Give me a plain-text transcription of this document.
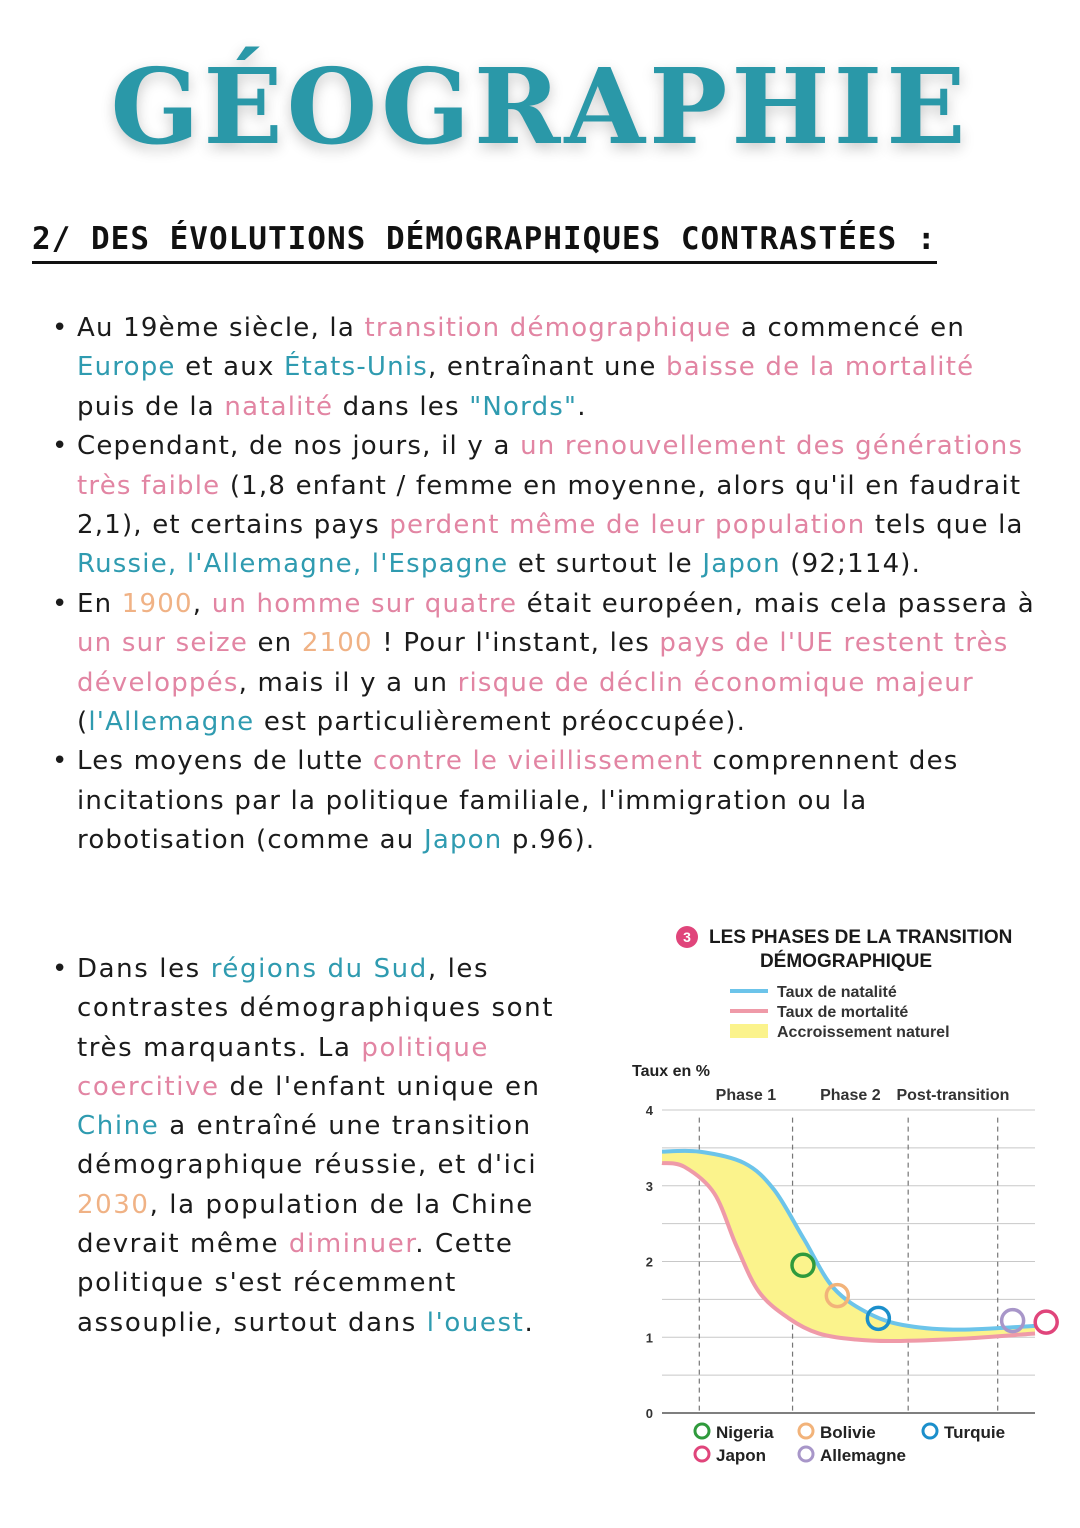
GÉOGRAPHIE
2/ DES ÉVOLUTIONS DÉMOGRAPHIQUES CONTRASTÉES :
• Au 19ème siècle, la transition démographique a commencé en Europe et aux États-Unis, entraînant une baisse de la mortalité puis de la natalité dans les "Nords".
• Cependant, de nos jours, il y a un renouvellement des générations très faible (1,8 enfant / femme en moyenne, alors qu'il en faudrait 2,1), et certains pays perdent même de leur population tels que la Russie, l'Allemagne, l'Espagne et surtout le Japon (92;114).
• En 1900, un homme sur quatre était européen, mais cela passera à un sur seize en 2100 ! Pour l'instant, les pays de l'UE restent très développés, mais il y a un risque de déclin économique majeur (l'Allemagne est particulièrement préoccupée).
• Les moyens de lutte contre le vieillissement comprennent des incitations par la politique familiale, l'immigration ou la robotisation (comme au Japon p.96).
• Dans les régions du Sud, les contrastes démographiques sont très marquants. La politique coercitive de l'enfant unique en Chine a entraîné une transition démographique réussie, et d'ici 2030, la population de la Chine devrait même diminuer. Cette politique s'est récemment assouplie, surtout dans l'ouest.
3 LES PHASES DE LA TRANSITION
DÉMOGRAPHIQUE
Taux de natalité
Taux de mortalité
Accroissement naturel
Taux en %
0
1
2
3
4
Phase 1	Phase 2 Post-transition
Nigeria	Bolivie	Turquie
Japon	Allemagne
